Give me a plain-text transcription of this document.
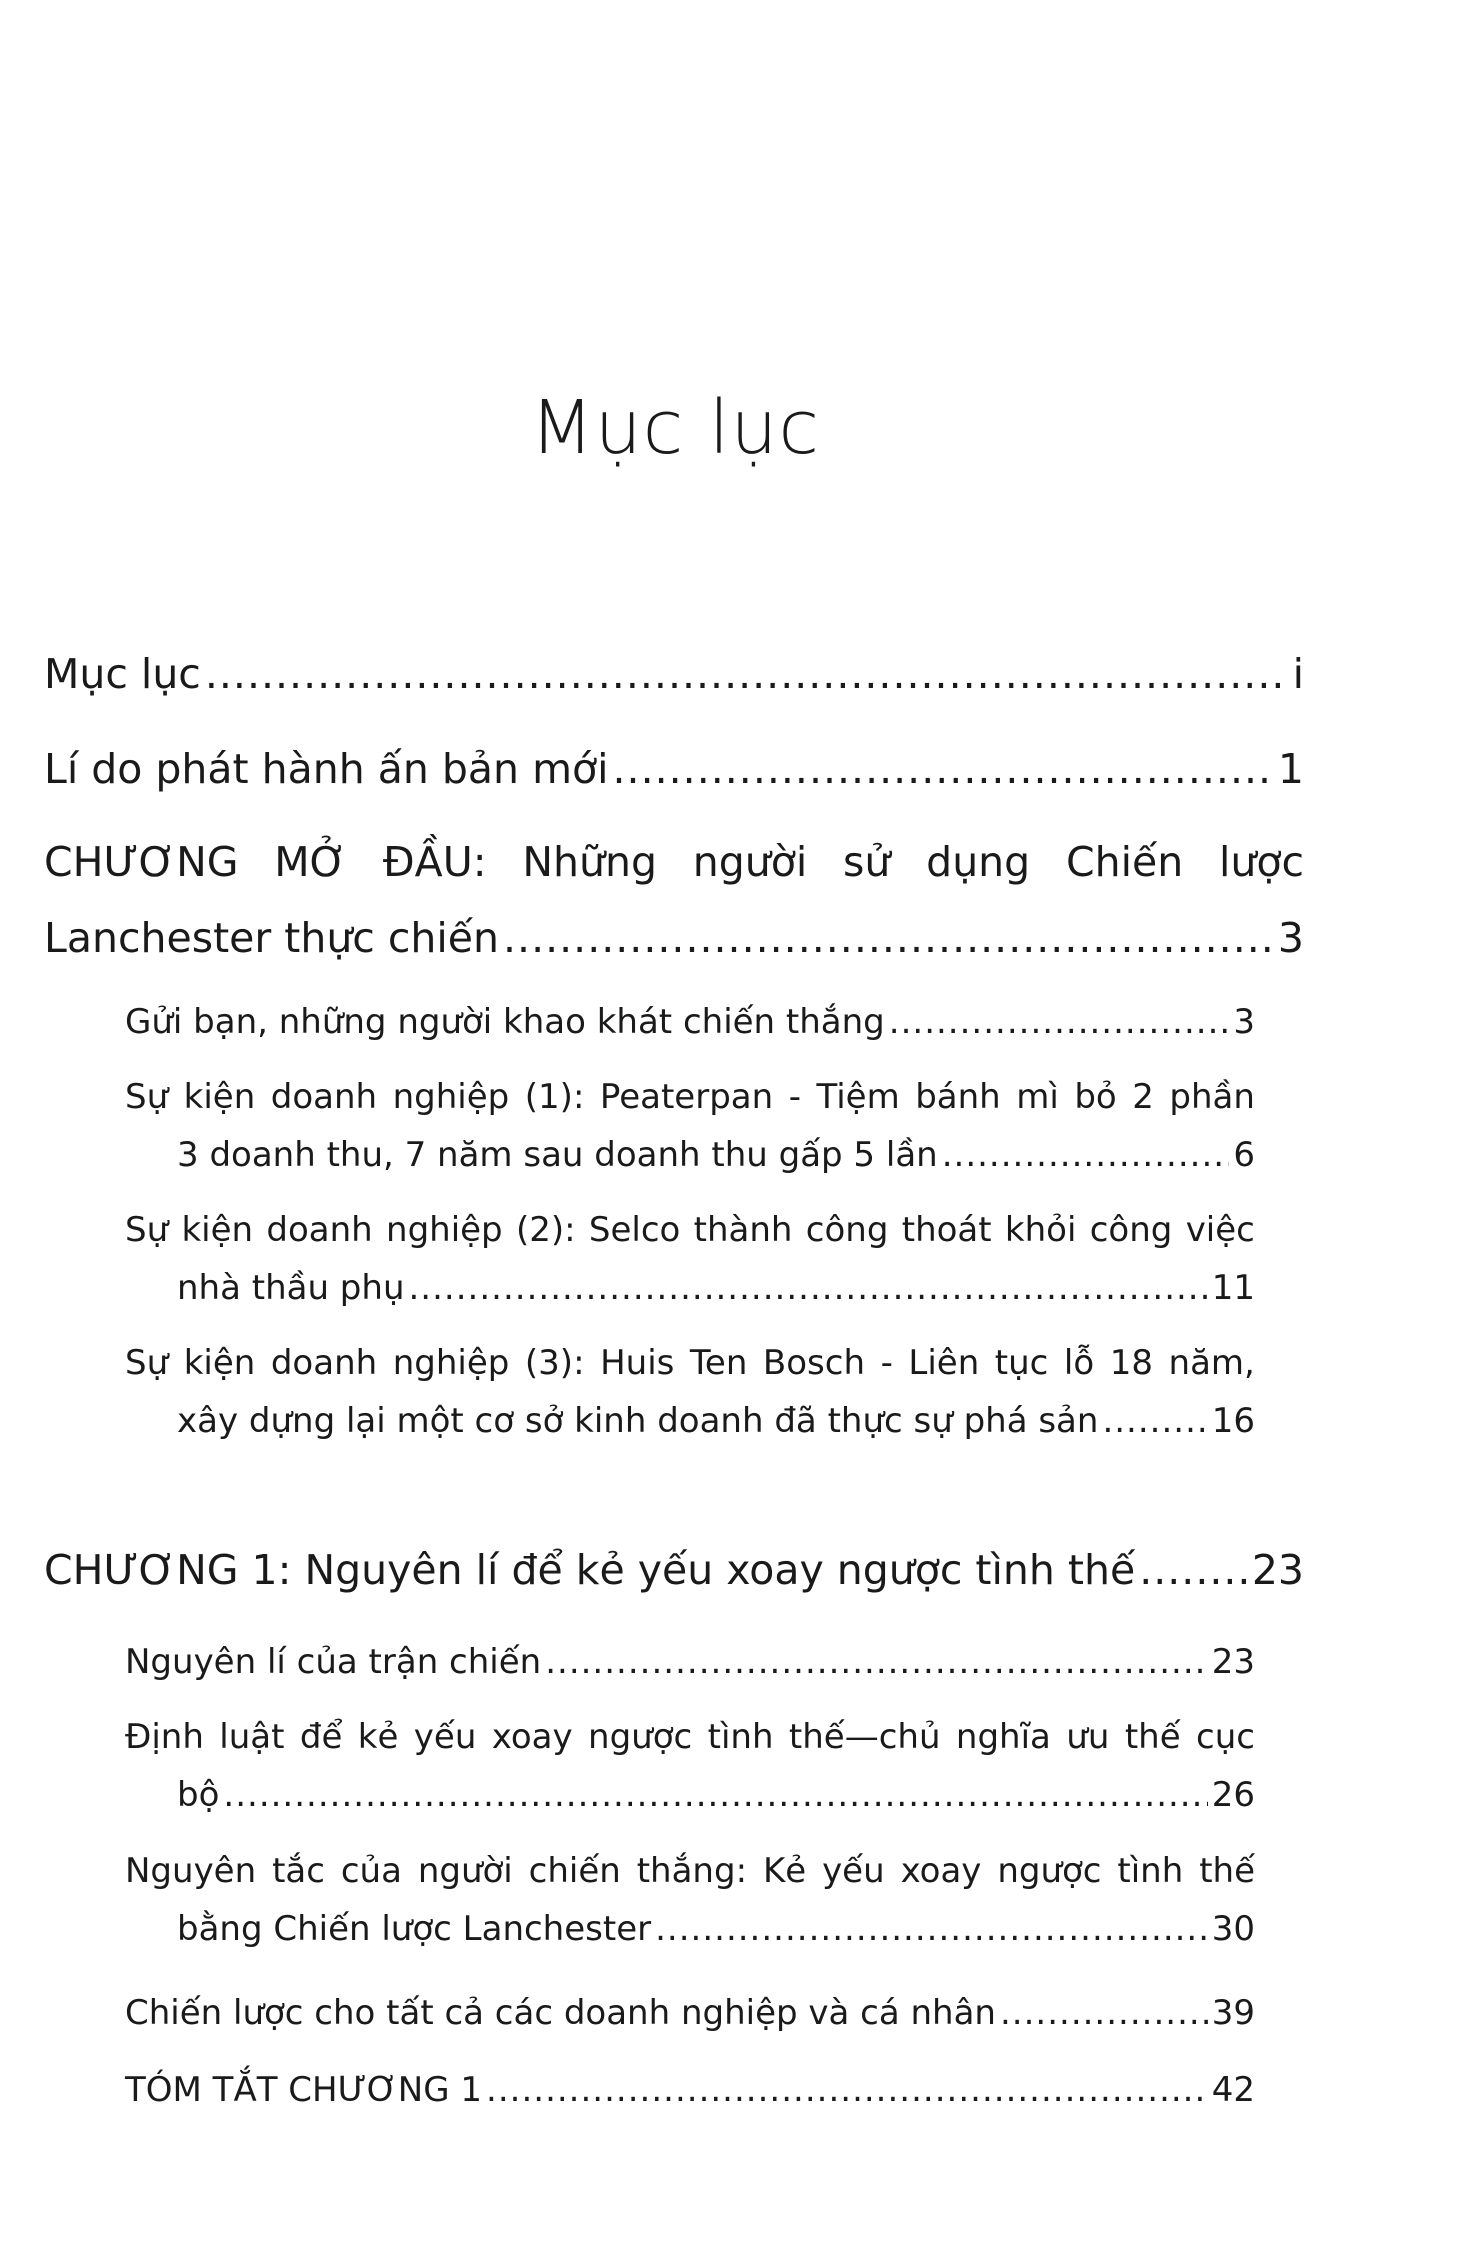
Mục lục
Mục lục .....	i
Lí do phát hành ấn bản mới .....	1
CHƯƠNG MỞ ĐẦU: Những người sử dụng Chiến lược
Lanchester thực chiến .....	3
Gửi bạn, những người khao khát chiến thắng .....	3
Sự kiện doanh nghiệp (1): Peaterpan - Tiệm bánh mì bỏ 2 phần
3 doanh thu, 7 năm sau doanh thu gấp 5 lần .....	6
Sự kiện doanh nghiệp (2): Selco thành công thoát khỏi công việc
nhà thầu phụ .....	11
Sự kiện doanh nghiệp (3): Huis Ten Bosch - Liên tục lỗ 18 năm,
xây dựng lại một cơ sở kinh doanh đã thực sự phá sản .....	16
CHƯƠNG 1: Nguyên lí để kẻ yếu xoay ngược tình thế .....	23
Nguyên lí của trận chiến .....	23
Định luật để kẻ yếu xoay ngược tình thế—chủ nghĩa ưu thế cục
bộ .....	26
Nguyên tắc của người chiến thắng: Kẻ yếu xoay ngược tình thế
bằng Chiến lược Lanchester .....	30
Chiến lược cho tất cả các doanh nghiệp và cá nhân .....	39
TÓM TẮT CHƯƠNG 1 .....	42
